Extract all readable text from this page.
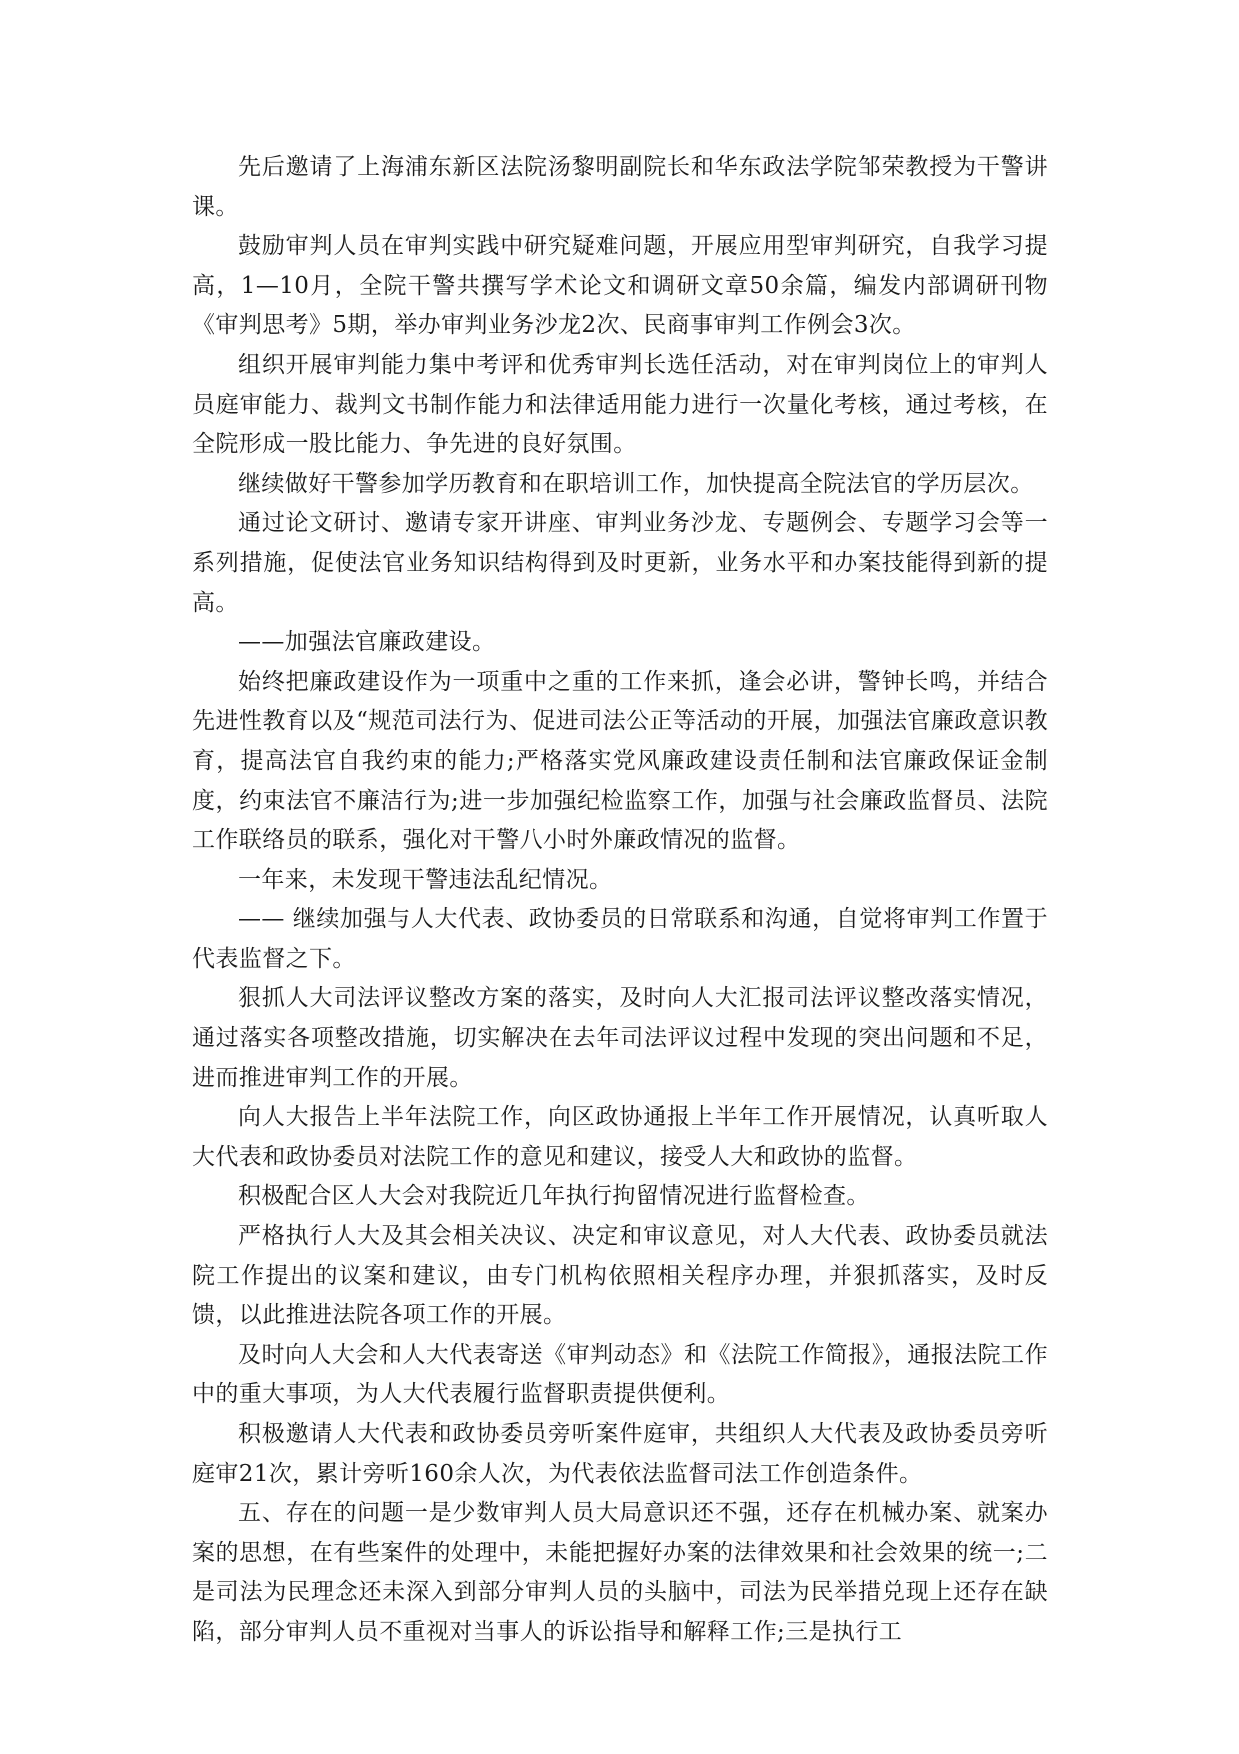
先后邀请了上海浦东新区法院汤黎明副院长和华东政法学院邹荣教授为干警讲课。

鼓励审判人员在审判实践中研究疑难问题，开展应用型审判研究，自我学习提高，1—10月，全院干警共撰写学术论文和调研文章50余篇，编发内部调研刊物《审判思考》5期，举办审判业务沙龙2次、民商事审判工作例会3次。

组织开展审判能力集中考评和优秀审判长选任活动，对在审判岗位上的审判人员庭审能力、裁判文书制作能力和法律适用能力进行一次量化考核，通过考核，在全院形成一股比能力、争先进的良好氛围。

继续做好干警参加学历教育和在职培训工作，加快提高全院法官的学历层次。

通过论文研讨、邀请专家开讲座、审判业务沙龙、专题例会、专题学习会等一系列措施，促使法官业务知识结构得到及时更新，业务水平和办案技能得到新的提高。

——加强法官廉政建设。

始终把廉政建设作为一项重中之重的工作来抓，逢会必讲，警钟长鸣，并结合先进性教育以及“规范司法行为、促进司法公正等活动的开展，加强法官廉政意识教育，提高法官自我约束的能力;严格落实党风廉政建设责任制和法官廉政保证金制度，约束法官不廉洁行为;进一步加强纪检监察工作，加强与社会廉政监督员、法院工作联络员的联系，强化对干警八小时外廉政情况的监督。

一年来，未发现干警违法乱纪情况。

—— 继续加强与人大代表、政协委员的日常联系和沟通，自觉将审判工作置于代表监督之下。

狠抓人大司法评议整改方案的落实，及时向人大汇报司法评议整改落实情况，通过落实各项整改措施，切实解决在去年司法评议过程中发现的突出问题和不足，进而推进审判工作的开展。

向人大报告上半年法院工作，向区政协通报上半年工作开展情况，认真听取人大代表和政协委员对法院工作的意见和建议，接受人大和政协的监督。

积极配合区人大会对我院近几年执行拘留情况进行监督检查。

严格执行人大及其会相关决议、决定和审议意见，对人大代表、政协委员就法院工作提出的议案和建议，由专门机构依照相关程序办理，并狠抓落实，及时反馈，以此推进法院各项工作的开展。

及时向人大会和人大代表寄送《审判动态》和《法院工作简报》，通报法院工作中的重大事项，为人大代表履行监督职责提供便利。

积极邀请人大代表和政协委员旁听案件庭审，共组织人大代表及政协委员旁听庭审21次，累计旁听160余人次，为代表依法监督司法工作创造条件。

五、存在的问题一是少数审判人员大局意识还不强，还存在机械办案、就案办案的思想，在有些案件的处理中，未能把握好办案的法律效果和社会效果的统一;二是司法为民理念还未深入到部分审判人员的头脑中，司法为民举措兑现上还存在缺陷，部分审判人员不重视对当事人的诉讼指导和解释工作;三是执行工
